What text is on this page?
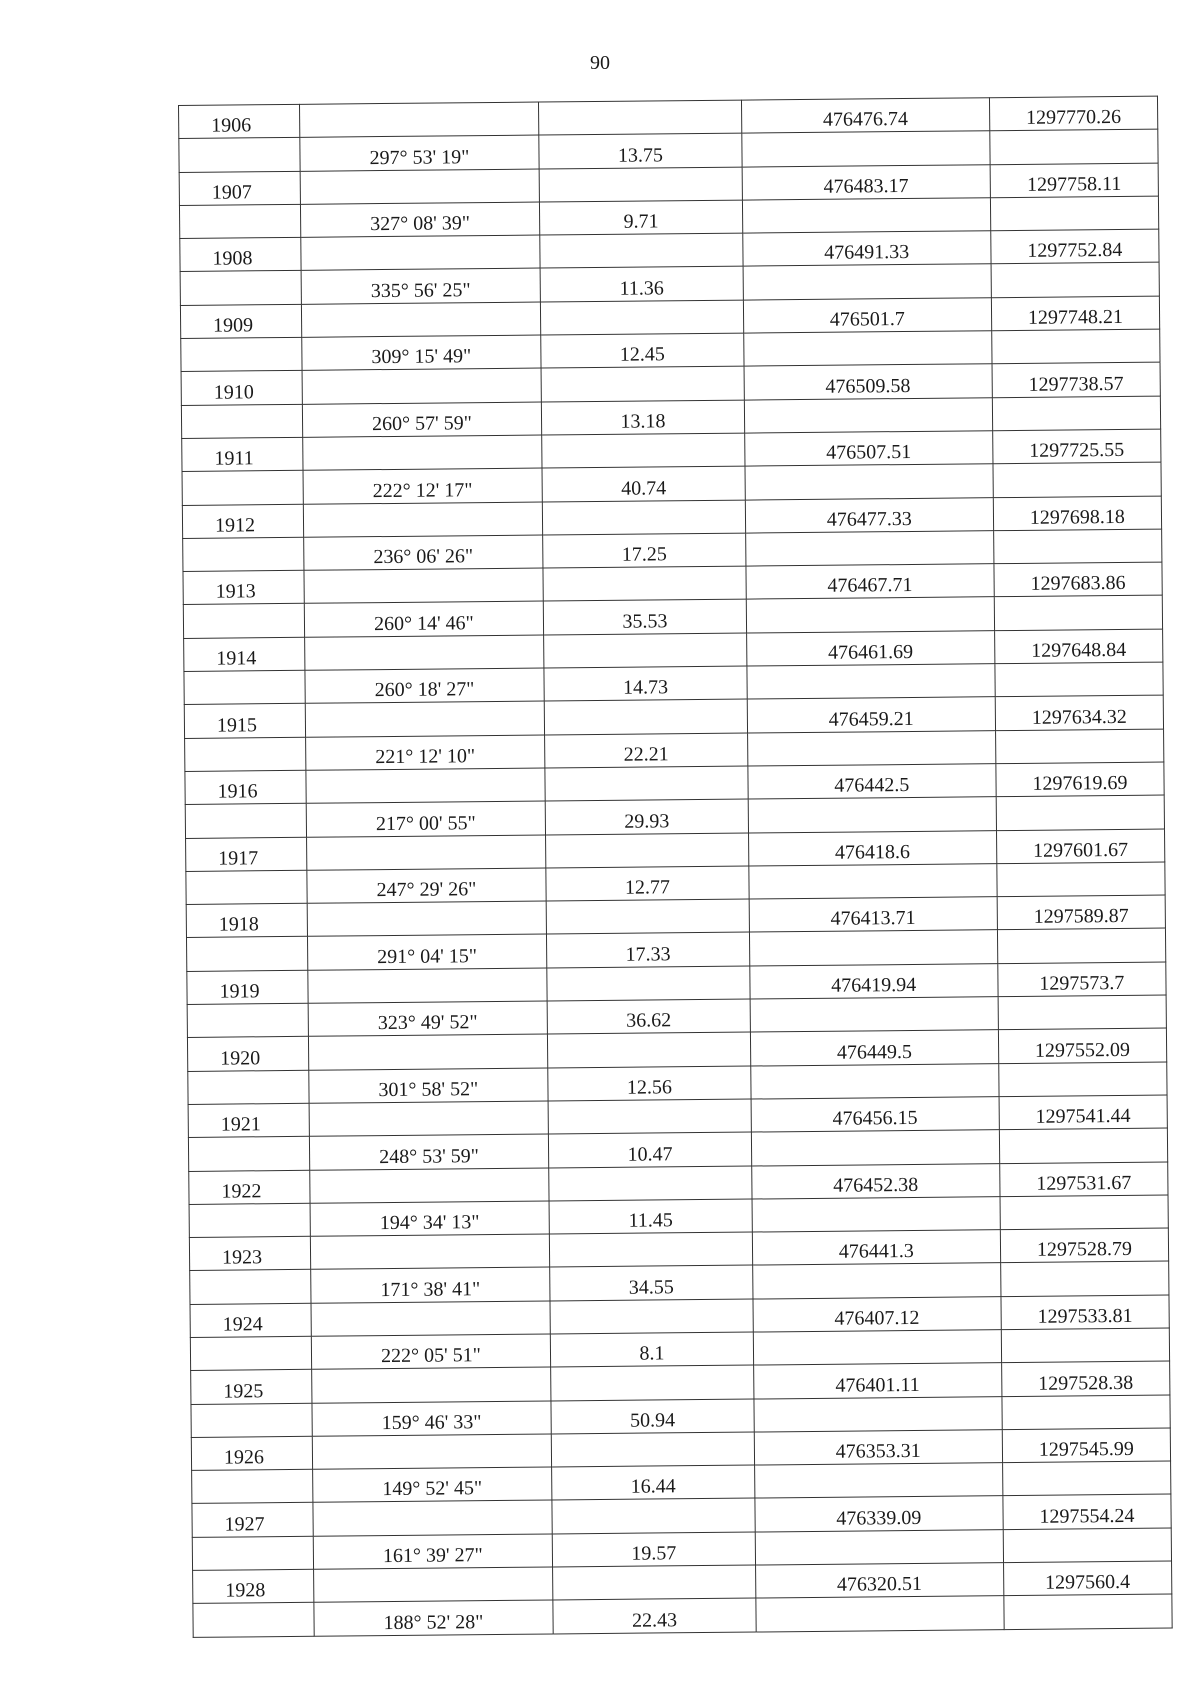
90
1906			476476.74	1297770.26
	297° 53' 19"	13.75		
1907			476483.17	1297758.11
	327° 08' 39"	9.71		
1908			476491.33	1297752.84
	335° 56' 25"	11.36		
1909			476501.7	1297748.21
	309° 15' 49"	12.45		
1910			476509.58	1297738.57
	260° 57' 59"	13.18		
1911			476507.51	1297725.55
	222° 12' 17"	40.74		
1912			476477.33	1297698.18
	236° 06' 26"	17.25		
1913			476467.71	1297683.86
	260° 14' 46"	35.53		
1914			476461.69	1297648.84
	260° 18' 27"	14.73		
1915			476459.21	1297634.32
	221° 12' 10"	22.21		
1916			476442.5	1297619.69
	217° 00' 55"	29.93		
1917			476418.6	1297601.67
	247° 29' 26"	12.77		
1918			476413.71	1297589.87
	291° 04' 15"	17.33		
1919			476419.94	1297573.7
	323° 49' 52"	36.62		
1920			476449.5	1297552.09
	301° 58' 52"	12.56		
1921			476456.15	1297541.44
	248° 53' 59"	10.47		
1922			476452.38	1297531.67
	194° 34' 13"	11.45		
1923			476441.3	1297528.79
	171° 38' 41"	34.55		
1924			476407.12	1297533.81
	222° 05' 51"	8.1		
1925			476401.11	1297528.38
	159° 46' 33"	50.94		
1926			476353.31	1297545.99
	149° 52' 45"	16.44		
1927			476339.09	1297554.24
	161° 39' 27"	19.57		
1928			476320.51	1297560.4
	188° 52' 28"	22.43		
